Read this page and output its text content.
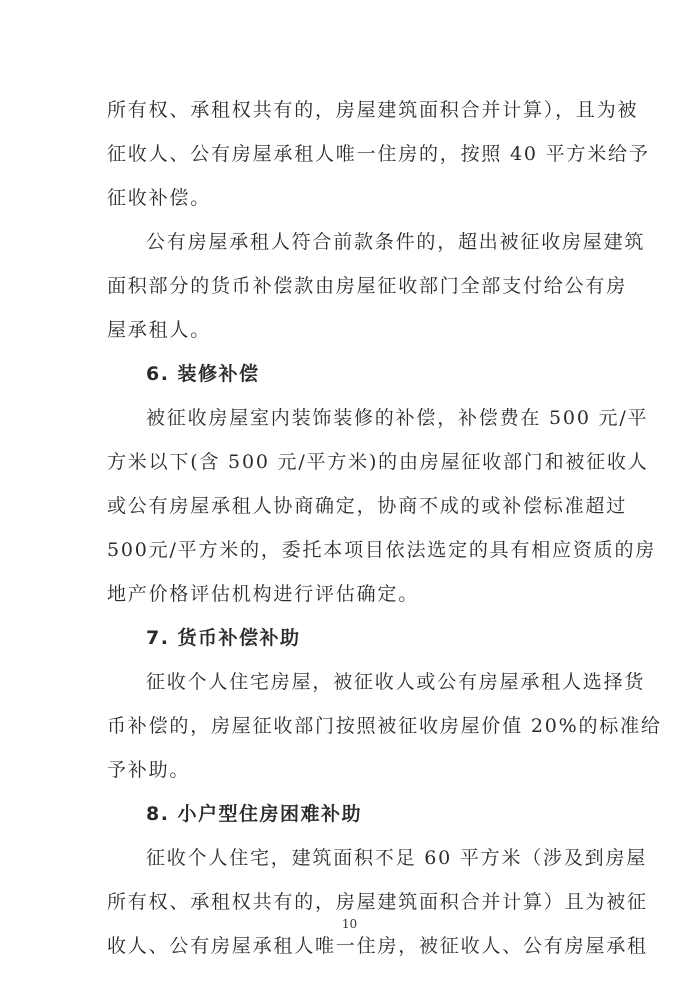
所有权、承租权共有的，房屋建筑面积合并计算），且为被
征收人、公有房屋承租人唯一住房的，按照 40 平方米给予
征收补偿。
公有房屋承租人符合前款条件的，超出被征收房屋建筑
面积部分的货币补偿款由房屋征收部门全部支付给公有房
屋承租人。
6. 装修补偿
被征收房屋室内装饰装修的补偿，补偿费在 500 元/平
方米以下(含 500 元/平方米)的由房屋征收部门和被征收人
或公有房屋承租人协商确定，协商不成的或补偿标准超过
500元/平方米的，委托本项目依法选定的具有相应资质的房
地产价格评估机构进行评估确定。
7. 货币补偿补助
征收个人住宅房屋，被征收人或公有房屋承租人选择货
币补偿的，房屋征收部门按照被征收房屋价值 20%的标准给
予补助。
8. 小户型住房困难补助
征收个人住宅，建筑面积不足 60 平方米（涉及到房屋
所有权、承租权共有的，房屋建筑面积合并计算）且为被征
收人、公有房屋承租人唯一住房，被征收人、公有房屋承租
10
